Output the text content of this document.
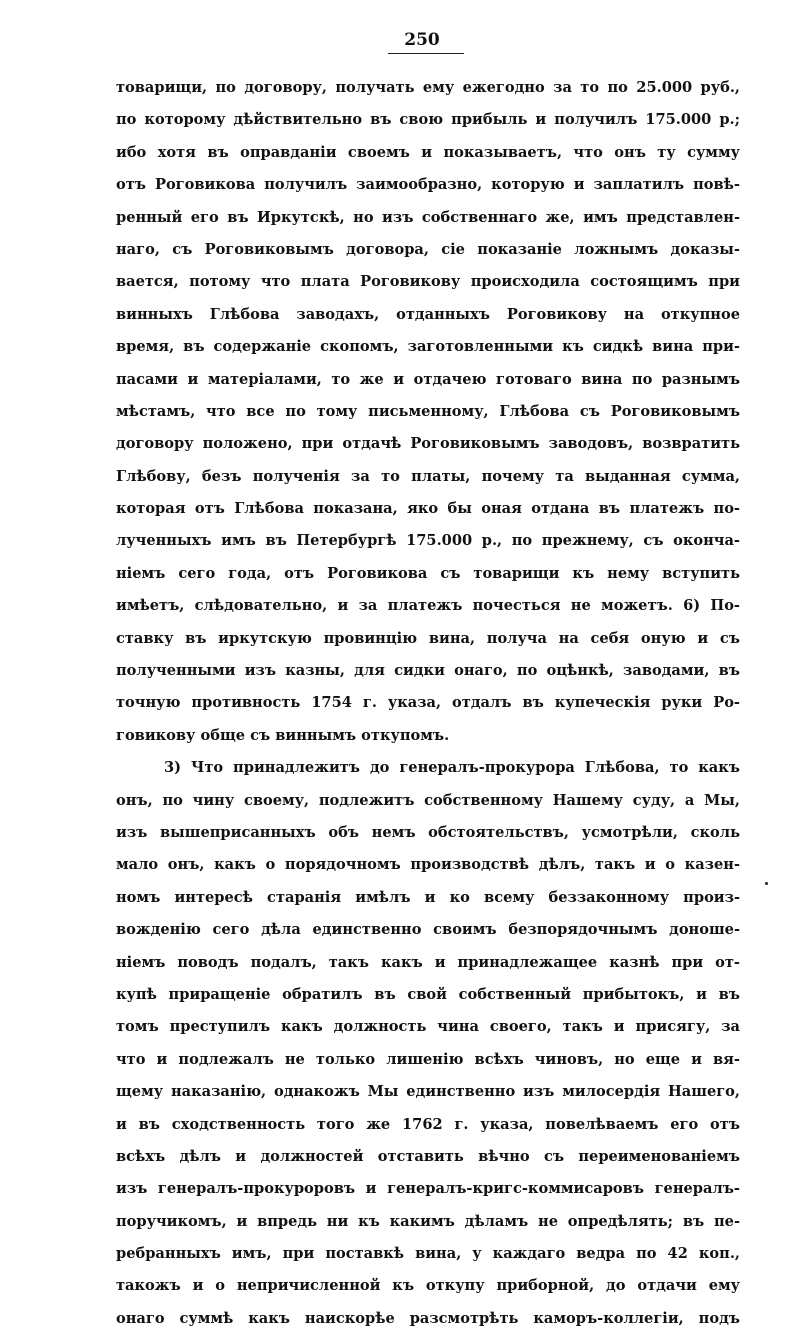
250
товарищи, по договору, получать ему ежегодно за то по 25.000 руб.,
по которому дѣйствительно въ свою прибыль и получилъ 175.000 р.;
ибо хотя въ оправданiи своемъ и показываетъ, что онъ ту сумму
отъ Роговикова получилъ заимообразно, которую и заплатилъ повѣ-
ренный его въ Иркутскѣ, но изъ собственнаго же, имъ представлен-
наго, съ Роговиковымъ договора, сiе показанiе ложнымъ доказы-
вается, потому что плата Роговикову происходила состоящимъ при
винныхъ Глѣбова заводахъ, отданныхъ Роговикову на откупное
время, въ содержанiе скопомъ, заготовленными къ сидкѣ вина при-
пасами и матерiалами, то же и отдачею готоваго вина по разнымъ
мѣстамъ, что все по тому письменному, Глѣбова съ Роговиковымъ
договору положено, при отдачѣ Роговиковымъ заводовъ, возвратить
Глѣбову, безъ полученiя за то платы, почему та выданная сумма,
которая отъ Глѣбова показана, яко бы оная отдана въ платежъ по-
лученныхъ имъ въ Петербургѣ 175.000 р., по прежнему, съ оконча-
нiемъ сего года, отъ Роговикова съ товарищи къ нему вступить
имѣетъ, слѣдовательно, и за платежъ почесться не можетъ. 6) По-
ставку въ иркутскую провинцiю вина, получа на себя оную и съ
полученными изъ казны, для сидки онаго, по оцѣнкѣ, заводами, въ
точную противность 1754 г. указа, отдалъ въ купеческiя руки Ро-
говикову обще съ виннымъ откупомъ.
3) Что принадлежитъ до генералъ-прокурора Глѣбова, то какъ
онъ, по чину своему, подлежитъ собственному Нашему суду, а Мы,
изъ вышеприсанныхъ объ немъ обстоятельствъ, усмотрѣли, сколь
мало онъ, какъ о порядочномъ производствѣ дѣлъ, такъ и о казен-
номъ интересѣ старанiя имѣлъ и ко всему беззаконному произ-
вожденiю сего дѣла единственно своимъ безпорядочнымъ доноше-
нiемъ поводъ подалъ, такъ какъ и принадлежащее казнѣ при от-
купѣ приращенiе обратилъ въ свой собственный прибытокъ, и въ
томъ преступилъ какъ должность чина своего, такъ и присягу, за
что и подлежалъ не только лишенiю всѣхъ чиновъ, но еще и вя-
щему наказанiю, однакожъ Мы единственно изъ милосердiя Нашего,
и въ сходственность того же 1762 г. указа, повелѣваемъ его отъ
всѣхъ дѣлъ и должностей отставить вѣчно съ переименованiемъ
изъ генералъ-прокуроровъ и генералъ-кригс-коммисаровъ генералъ-
поручикомъ, и впредь ни къ какимъ дѣламъ не опредѣлять; въ пе-
ребранныхъ имъ, при поставкѣ вина, у каждаго ведра по 42 коп.,
такожъ и о непричисленной къ откупу приборной, до отдачи ему
онаго суммѣ какъ наискорѣе разсмотрѣть каморъ-коллегiи, подъ
